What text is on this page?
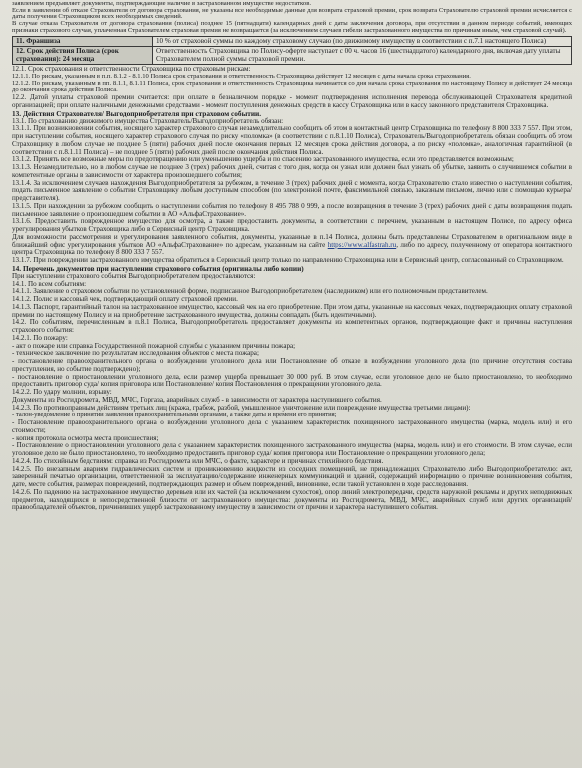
заявлением предъявляет документы, подтверждающие наличие в застрахованном имуществе недостатков.
Если в заявлении об отказе Страхователя от договора страхования, не указаны все необходимые данные для возврата страховой премии, срок возврата Страхователю страховой премии исчисляется с даты получения Страховщиком всех необходимых сведений.
В случае отказа Страхователя от договора страхования (полиса) позднее 15 (пятнадцати) календарных дней с даты заключения договора, при отсутствии в данном периоде событий, имеющих признаки страхового случая, уплаченная Страхователем страховая премия не возвращается (за исключением случаев гибели застрахованного имущества по причинам иным, чем страховой случай).
11. Франшиза	10 % от страховой суммы по каждому страховому случаю (по движимому имуществу в соответствии с п.7.1 настоящего Полиса)
12. Срок действия Полиса (срок страхования): 24 месяца	Ответственность Страховщика по Полису-оферте наступает с 00 ч. часов 16 (шестнадцатого) календарного дня, включая дату уплаты Страхователем полной суммы страховой премии.
12.1. Срок страхования и ответственности Страховщика по страховым рискам:
12.1.1. По рискам, указанным в п.п. 8.1.2 - 8.1.10 Полиса срок страхования и ответственность Страховщика действует 12 месяцев с даты начала срока страхования.
12.1.2. По рискам, указанным в пп. 8.1.1, 8.1.11 Полиса, срок страхования и ответственность Страховщика начинается со дня начала срока страхования по настоящему Полису и действует 24 месяца до окончания срока действия Полиса.
12.2. Датой уплаты страховой премии считается: при оплате в безналичном порядке - момент подтверждения исполнения перевода обслуживающей Страхователя кредитной организацией; при оплате наличными денежными средствами - момент поступления денежных средств в кассу Страховщика или в кассу законного представителя Страховщика.
13. Действия Страхователя/ Выгодоприобретателя при страховом событии.
13.1. По страхованию движимого имущества Страхователь/Выгодоприобретатель обязан:
13.1.1. При возникновении события, носящего характер страхового случая незамедлительно сообщить об этом в контактный центр Страховщика по телефону 8 800 333 7 557. При этом, при наступлении события, носящего характер страхового случая по риску «поломка» (в соответствии с п.8.1.10 Полиса), Страхователь/Выгодоприобретатель обязан сообщить об этом Страховщику в любом случае не позднее 5 (пяти) рабочих дней после окончания первых 12 месяцев срока действия договора, а по риску «поломка», аналогичная гарантийной (в соответствии с п.8.1.11 Полиса) – не позднее 5 (пяти) рабочих дней после окончания действия Полиса.
13.1.2. Принять все возможные меры по предотвращению или уменьшению ущерба и по спасению застрахованного имущества, если это представляется возможным;
13.1.3. Незамедлительно, но в любом случае не позднее 3 (трех) рабочих дней, считая с того дня, когда он узнал или должен был узнать об убытке, заявить о случившемся событии в компетентные органы в зависимости от характера произошедшего события;
13.1.4. За исключением случаев нахождения Выгодоприобретателя за рубежом, в течение 3 (трех) рабочих дней с момента, когда Страхователю стало известно о наступлении события, подать письменное заявление о событии Страховщику любым доступным способом (по электронной почте, факсимильной связью, заказным письмом, лично или с помощью курьера/представителя).
13.1.5. При нахождении за рубежом сообщить о наступлении события по телефону 8 495 788 0 999, а после возвращения в течение 3 (трех) рабочих дней с даты возвращения подать письменное заявление о произошедшем событии в АО «АльфаСтрахование».
13.1.6. Предоставить поврежденное имущество для осмотра, а также предоставить документы, в соответствии с перечнем, указанным в настоящем Полисе, по адресу офиса урегулирования убытков Страховщика либо в Сервисный центр Страховщика.
Для возможности рассмотрения и урегулирования заявленного события, документы, указанные в п.14 Полиса, должны быть представлены Страхователем в оригинальном виде в ближайший офис урегулирования убытков АО «АльфаСтрахование» по адресам, указанным на сайте https://www.alfastrah.ru, либо по адресу, полученному от оператора контактного центра Страховщика по телефону 8 800 333 7 557.
13.1.7. При повреждении застрахованного имущества обратиться в Сервисный центр только по направлению Страховщика или в Сервисный центр, согласованный со Страховщиком.
14. Перечень документов при наступлении страхового события (оригиналы либо копии)
При наступлении страхового события Выгодоприобретателем предоставляются:
14.1. По всем событиям:
14.1.1. Заявление о страховом событии по установленной форме, подписанное Выгодоприобретателем (наследником) или его полномочным представителем.
14.1.2. Полис и кассовый чек, подтверждающий оплату страховой премии.
14.1.3. Паспорт, гарантийный талон на застрахованное имущество, кассовый чек на его приобретение. При этом даты, указанные на кассовых чеках, подтверждающих оплату страховой премии по настоящему Полису и на приобретение застрахованного имущества, должны совпадать (быть идентичными).
14.2. По событиям, перечисленным в п.8.1 Полиса, Выгодоприобретатель предоставляет документы из компетентных органов, подтверждающие факт и причины наступления страхового события:
14.2.1. По пожару:
- акт о пожаре или справка Государственной пожарной службы с указанием причины пожара;
- техническое заключение по результатам исследования объектов с места пожара;
- постановление правоохранительного органа о возбуждении уголовного дела или Постановление об отказе в возбуждении уголовного дела (по причине отсутствия состава преступления, но событие подтверждено);
- постановление о приостановлении уголовного дела, если размер ущерба превышает 30 000 руб. В этом случае, если уголовное дело не было приостановлено, то необходимо предоставить приговор суда/ копия приговора или Постановление/ копия Постановления о прекращении уголовного дела.
14.2.2. По удару молнии, взрыву:
Документы из Росгидромета, МВД, МЧС, Горгаза, аварийных служб - в зависимости от характера наступившего события.
14.2.3. По противоправным действиям третьих лиц (кража, грабеж, разбой, умышленное уничтожение или повреждение имущества третьими лицами):
- талон-уведомление о принятии заявления правоохранительными органами, а также даты и времени его принятия;
- Постановление правоохранительного органа о возбуждении уголовного дела с указанием характеристик похищенного застрахованного имущества (марка, модель или) и его стоимости;
- копия протокола осмотра места происшествия;
- Постановление о приостановлении уголовного дела с указанием характеристик похищенного застрахованного имущества (марка, модель или) и его стоимости. В этом случае, если уголовное дело не было приостановлено, то необходимо предоставить приговор суда/ копия приговора или Постановление о прекращении уголовного дела;
14.2.4. По стихийным бедствиям: справка из Росгидромета или МЧС, о факте, характере и причинах стихийного бедствия.
14.2.5. По внезапным авариям гидравлических систем и проникновению жидкости из соседних помещений, не принадлежащих Страхователю либо Выгодоприобретателю: акт, заверенный печатью организации, ответственной за эксплуатацию/содержание инженерных коммуникаций и зданий, содержащий информацию о причине возникновения события, дате, месте события, размерах повреждений, подтверждающих размер и объем повреждений, виновнике, если такой установлен в ходе расследования.
14.2.6. По падению на застрахованное имущество деревьев или их частей (за исключением сухостоя), опор линий электропередачи, средств наружной рекламы и других неподвижных предметов, находящихся в непосредственной близости от застрахованного имущества: документы из Росгидромета, МВД, МЧС, аварийных служб или других организаций/правообладателей объектов, причинивших ущерб застрахованному имуществу в зависимости от причин и характера наступившего события.
